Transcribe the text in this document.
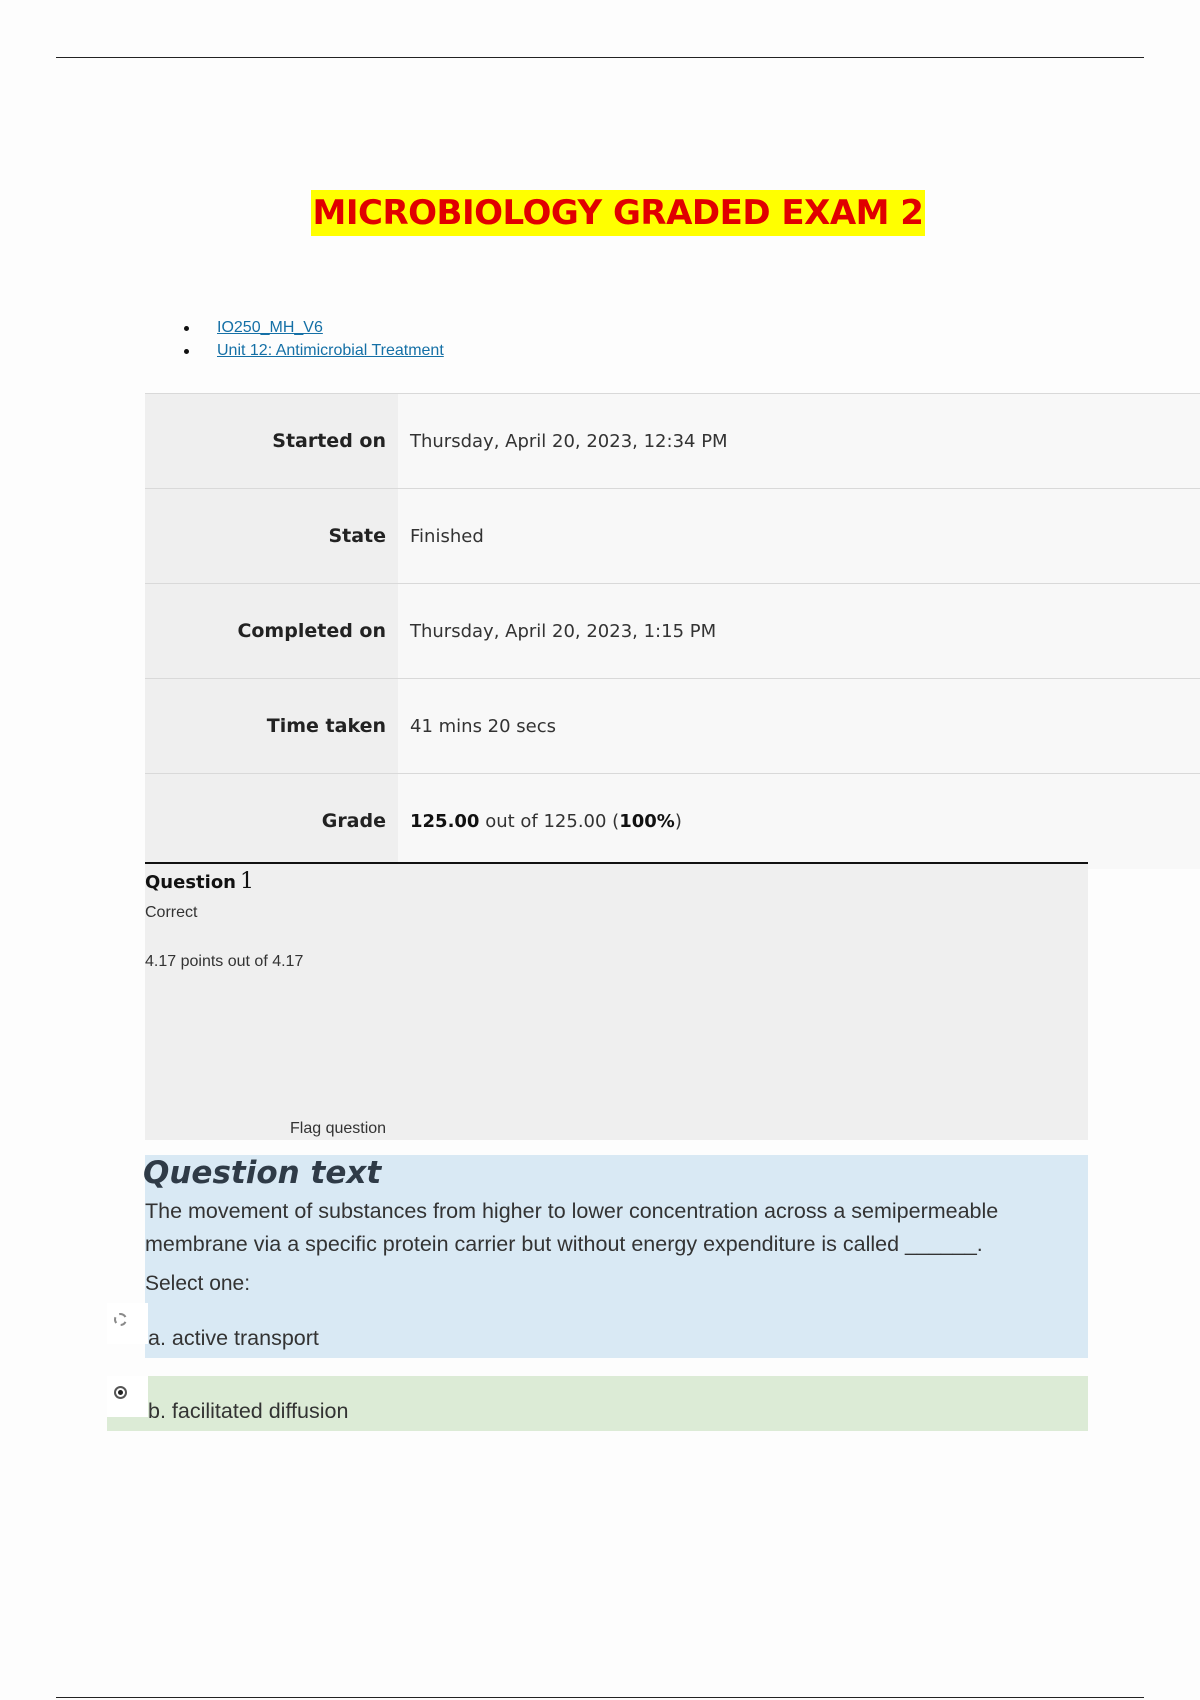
MICROBIOLOGY GRADED EXAM 2
IO250_MH_V6
Unit 12: Antimicrobial Treatment
Started on	Thursday, April 20, 2023, 12:34 PM
State	Finished
Completed on	Thursday, April 20, 2023, 1:15 PM
Time taken	41 mins 20 secs
Grade	125.00 out of 125.00 (100%)
Question 1
Correct
4.17 points out of 4.17
Flag question
Question text
The movement of substances from higher to lower concentration across a semipermeable membrane via a specific protein carrier but without energy expenditure is called ______.
Select one:
a. active transport
b. facilitated diffusion
